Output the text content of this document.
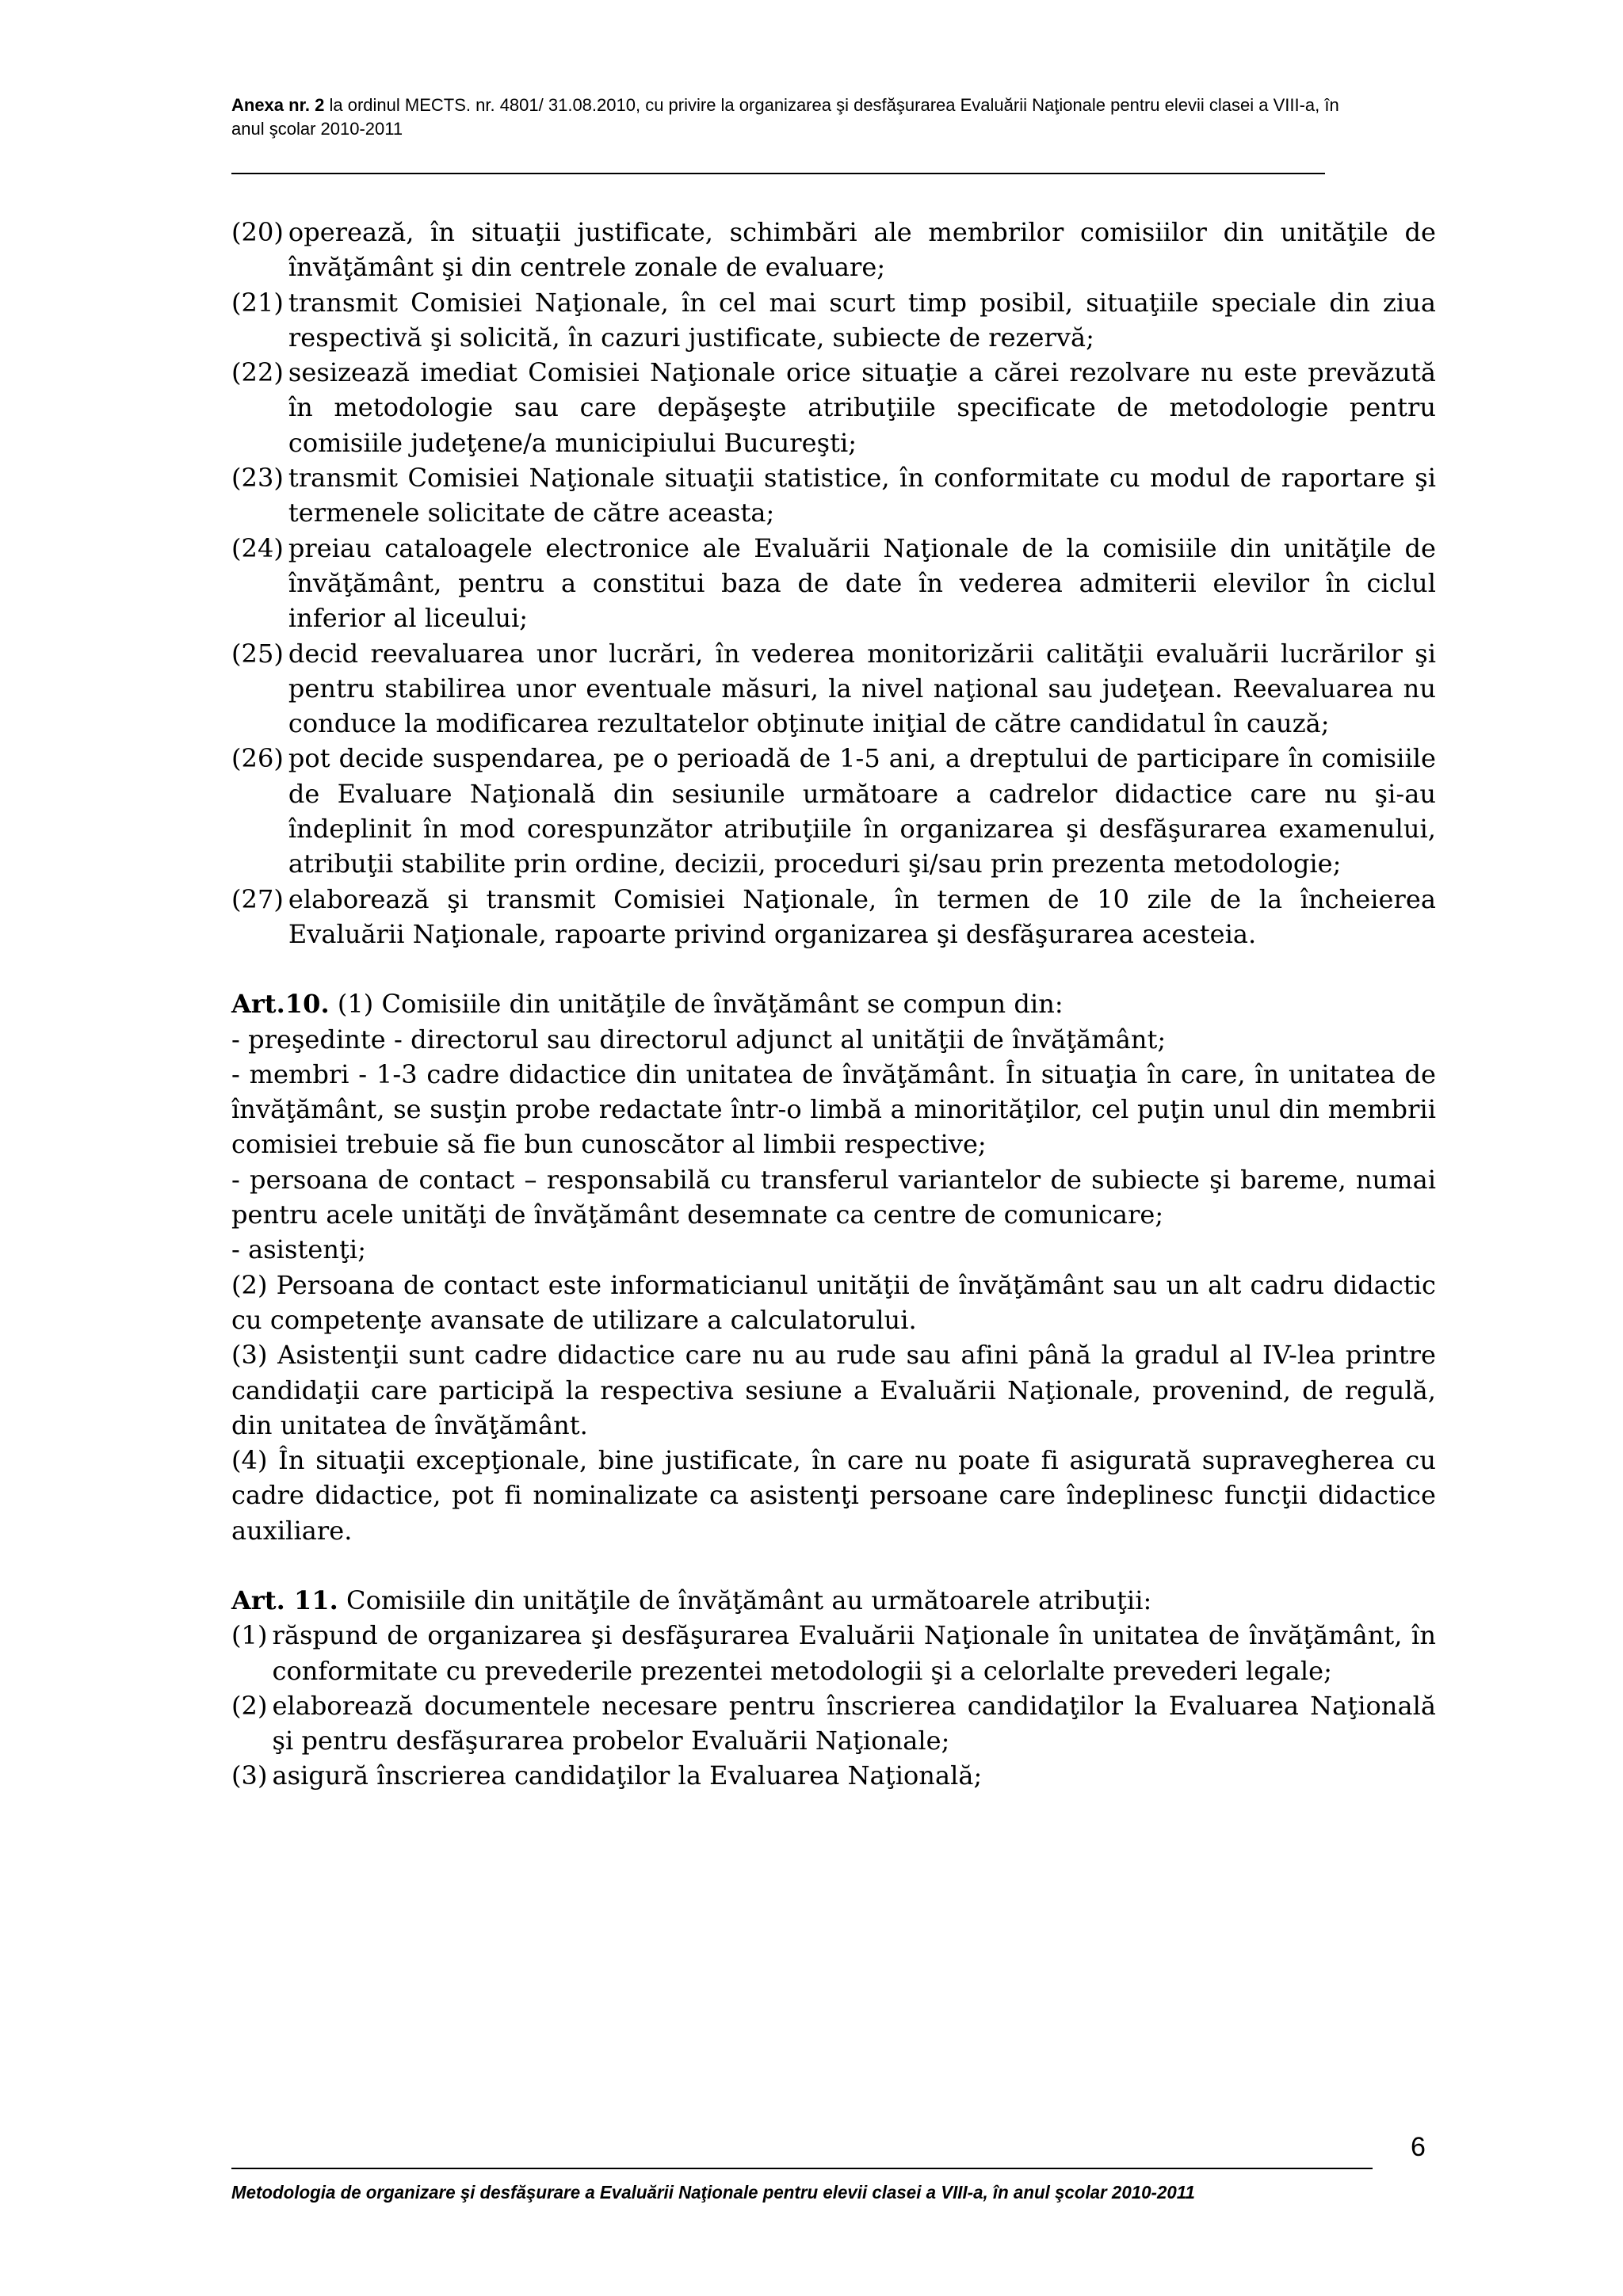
Anexa nr. 2 la ordinul MECTS. nr. 4801/ 31.08.2010, cu privire la organizarea şi desfăşurarea Evaluării Naţionale pentru elevii clasei a VIII-a, în
anul şcolar 2010-2011
(20) operează, în situaţii justificate, schimbări ale membrilor comisiilor din unităţile de învăţământ şi din centrele zonale de evaluare;
(21) transmit Comisiei Naţionale, în cel mai scurt timp posibil, situaţiile speciale din ziua respectivă şi solicită, în cazuri justificate, subiecte de rezervă;
(22) sesizează imediat Comisiei Naţionale orice situaţie a cărei rezolvare nu este prevăzută în metodologie sau care depăşeşte atribuţiile specificate de metodologie pentru comisiile judeţene/a municipiului Bucureşti;
(23) transmit Comisiei Naţionale situaţii statistice, în conformitate cu modul de raportare şi termenele solicitate de către aceasta;
(24) preiau cataloagele electronice ale Evaluării Naţionale de la comisiile din unităţile de învăţământ, pentru a constitui baza de date în vederea admiterii elevilor în ciclul inferior al liceului;
(25) decid reevaluarea unor lucrări, în vederea monitorizării calităţii evaluării lucrărilor şi pentru stabilirea unor eventuale măsuri, la nivel naţional sau judeţean. Reevaluarea nu conduce la modificarea rezultatelor obţinute iniţial de către candidatul în cauză;
(26) pot decide suspendarea, pe o perioadă de 1-5 ani, a dreptului de participare în comisiile de Evaluare Naţională din sesiunile următoare a cadrelor didactice care nu şi-au îndeplinit în mod corespunzător atribuţiile în organizarea şi desfăşurarea examenului, atribuţii stabilite prin ordine, decizii, proceduri şi/sau prin prezenta metodologie;
(27) elaborează şi transmit Comisiei Naţionale, în termen de 10 zile de la încheierea Evaluării Naţionale, rapoarte privind organizarea şi desfăşurarea acesteia.

Art.10. (1) Comisiile din unităţile de învăţământ se compun din:

- preşedinte - directorul sau directorul adjunct al unităţii de învăţământ;

- membri - 1-3 cadre didactice din unitatea de învăţământ. În situaţia în care, în unitatea de învăţământ, se susţin probe redactate într-o limbă a minorităţilor, cel puţin unul din membrii comisiei trebuie să fie bun cunoscător al limbii respective;

- persoana de contact – responsabilă cu transferul variantelor de subiecte şi bareme, numai pentru acele unităţi de învăţământ desemnate ca centre de comunicare;

- asistenţi;

(2) Persoana de contact este informaticianul unităţii de învăţământ sau un alt cadru didactic cu competenţe avansate de utilizare a calculatorului.

(3) Asistenţii sunt cadre didactice care nu au rude sau afini până la gradul al IV-lea printre candidaţii care participă la respectiva sesiune a Evaluării Naţionale, provenind, de regulă, din unitatea de învăţământ.

(4) În situaţii excepţionale, bine justificate, în care nu poate fi asigurată supravegherea cu cadre didactice, pot fi nominalizate ca asistenţi persoane care îndeplinesc funcţii didactice auxiliare.

Art. 11. Comisiile din unităţile de învăţământ au următoarele atribuţii:

(1) răspund de organizarea şi desfăşurarea Evaluării Naţionale în unitatea de învăţământ, în conformitate cu prevederile prezentei metodologii şi a celorlalte prevederi legale;
(2) elaborează documentele necesare pentru înscrierea candidaţilor la Evaluarea Naţională şi pentru desfăşurarea probelor Evaluării Naţionale;
(3) asigură înscrierea candidaţilor la Evaluarea Naţională;
6
Metodologia de organizare şi desfăşurare a Evaluării Naţionale pentru elevii clasei a VIII-a, în anul şcolar 2010-2011
